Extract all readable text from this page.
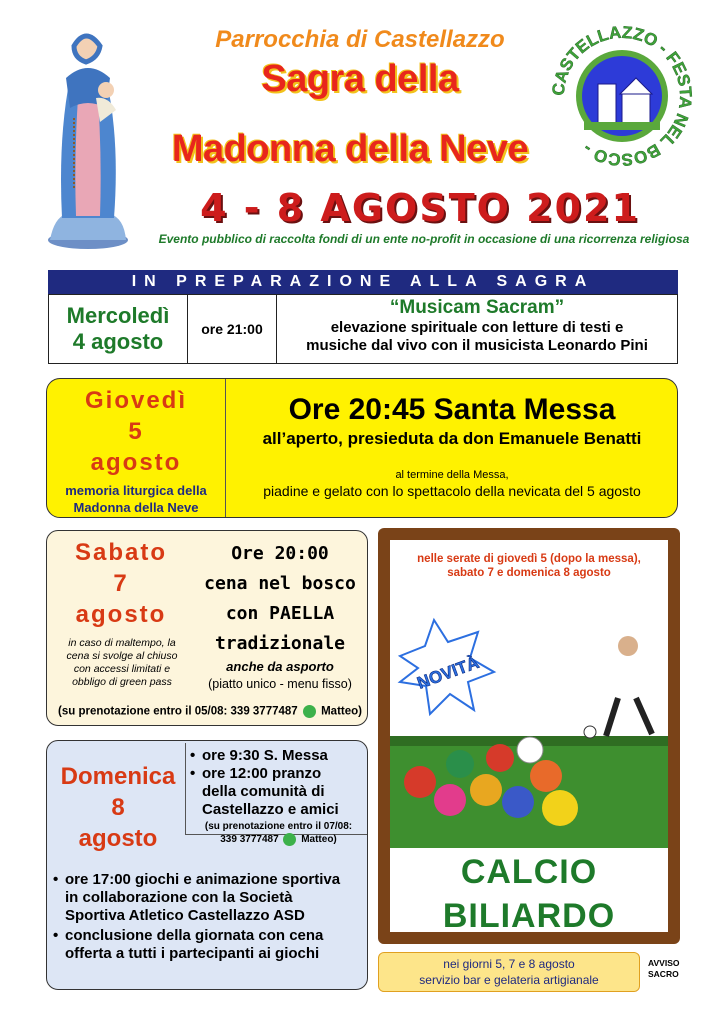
Parrocchia di Castellazzo
Sagra della
Madonna della Neve
4 - 8 AGOSTO 2021
Evento pubblico di raccolta fondi di un ente no-profit in occasione di una ricorrenza religiosa
CASTELLAZZO - FESTA NEL BOSCO -
IN PREPARAZIONE ALLA SAGRA
Mercoledì
4 agosto	ore 21:00
“Musicam Sacram”
elevazione spirituale con letture di testi e
musiche dal vivo con il musicista Leonardo Pini
Giovedì
5
agosto
memoria liturgica della
Madonna della Neve
Ore 20:45 Santa Messa
all’aperto, presieduta da don Emanuele Benatti
al termine della Messa,
piadine e gelato con lo spettacolo della nevicata del 5 agosto
Sabato
7
agosto
in caso di maltempo, la
cena si svolge al chiuso
con accessi limitati e
obbligo di green pass
Ore 20:00
cena nel bosco
con PAELLA
tradizionale
anche da asporto
(piatto unico - menu fisso)
(su prenotazione entro il 05/08: 339 3777487 Matteo)
Domenica
8
agosto
• ore 9:30 S. Messa
• ore 12:00 pranzo
della comunità di
Castellazzo e amici
(su prenotazione entro il 07/08:
339 3777487 Matteo)
• ore 17:00 giochi e animazione sportiva
in collaborazione con la Società
Sportiva Atletico Castellazzo ASD
• conclusione della giornata con cena
offerta a tutti i partecipanti ai giochi
nelle serate di giovedì 5 (dopo la messa),
sabato 7 e domenica 8 agosto
NOVITÀ
CALCIO
BILIARDO
nei giorni 5, 7 e 8 agosto
servizio bar e gelateria artigianale
AVVISO
SACRO
